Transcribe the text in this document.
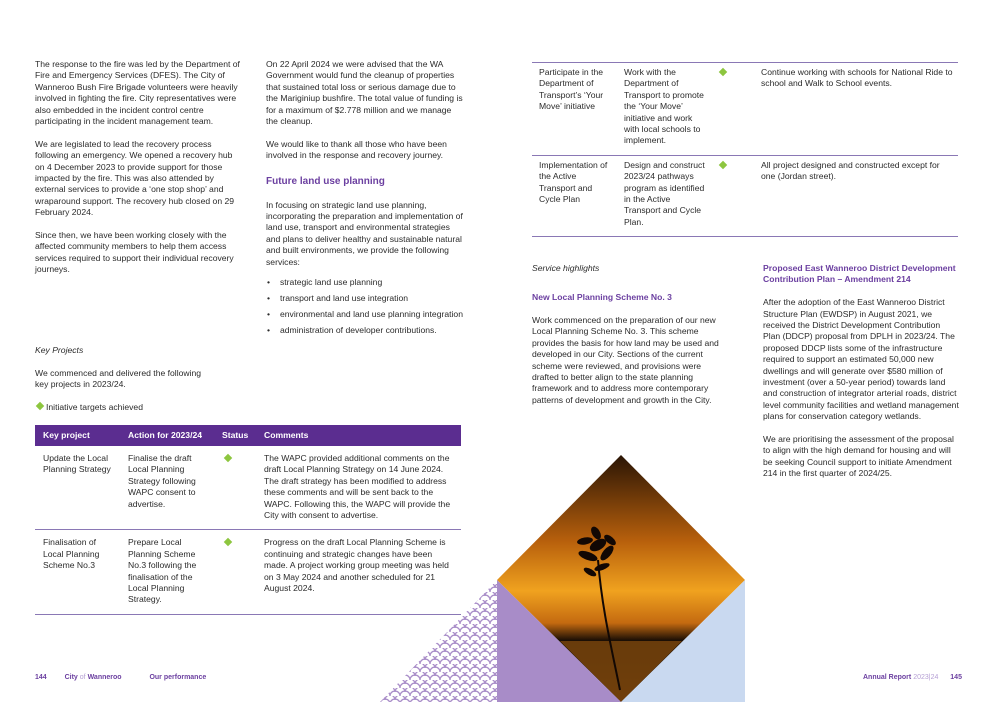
The response to the fire was led by the Department of Fire and Emergency Services (DFES). The City of Wanneroo Bush Fire Brigade volunteers were heavily involved in fighting the fire. City representatives were also embedded in the incident control centre participating in the incident management team.

We are legislated to lead the recovery process following an emergency. We opened a recovery hub on 4 December 2023 to provide support for those impacted by the fire. This was also attended by external services to provide a ‘one stop shop’ and wraparound support. The recovery hub closed on 29 February 2024.

Since then, we have been working closely with the affected community members to help them access services required to support their individual recovery journeys.

Key Projects

We commenced and delivered the following key projects in 2023/24.

Initiative targets achieved

On 22 April 2024 we were advised that the WA Government would fund the cleanup of properties that sustained total loss or serious damage due to the Mariginiup bushfire. The total value of funding is for a maximum of $2.778 million and we manage the cleanup.

We would like to thank all those who have been involved in the response and recovery journey.

Future land use planning

In focusing on strategic land use planning, incorporating the preparation and implementation of land use, transport and environmental strategies and plans to deliver healthy and sustainable natural and built environments, we provide the following services:

• strategic land use planning
• transport and land use integration
• environmental and land use planning integration
• administration of developer contributions.
Key project	Action for 2023/24	Status	Comments
Update the Local Planning Strategy	Finalise the draft Local Planning Strategy following WAPC consent to advertise.		The WAPC provided additional comments on the draft Local Planning Strategy on 14 June 2024. The draft strategy has been modified to address these comments and will be sent back to the WAPC. Following this, the WAPC will provide the City with consent to advertise.
Finalisation of Local Planning Scheme No.3	Prepare Local Planning Scheme No.3 following the finalisation of the Local Planning Strategy.		Progress on the draft Local Planning Scheme is continuing and strategic changes have been made. A project working group meeting was held on 3 May 2024 and another scheduled for 21 August 2024.
Participate in the Department of Transport’s ‘Your Move’ initiative	Work with the Department of Transport to promote the ‘Your Move’ initiative and work with local schools to implement.		Continue working with schools for National Ride to school and Walk to School events.
Implementation of the Active Transport and Cycle Plan	Design and construct 2023/24 pathways program as identified in the Active Transport and Cycle Plan.		All project designed and constructed except for one (Jordan street).

Service highlights

New Local Planning Scheme No. 3

Work commenced on the preparation of our new Local Planning Scheme No. 3. This scheme provides the basis for how land may be used and developed in our City. Sections of the current scheme were reviewed, and provisions were drafted to better align to the state planning framework and to address more contemporary patterns of development and growth in the City.

Proposed East Wanneroo District Development Contribution Plan – Amendment 214

After the adoption of the East Wanneroo District Structure Plan (EWDSP) in August 2021, we received the District Development Contribution Plan (DDCP) proposal from DPLH in 2023/24. The proposed DDCP lists some of the infrastructure required to support an estimated 50,000 new dwellings and will generate over $580 million of investment (over a 50-year period) towards land and construction of integrator arterial roads, district level community facilities and wetland management plans for conservation category wetlands.

We are prioritising the assessment of the proposal to align with the high demand for housing and will be seeking Council support to initiate Amendment 214 in the first quarter of 2024/25.

144	City of Wanneroo	Our performance	Annual Report 2023|24 145
